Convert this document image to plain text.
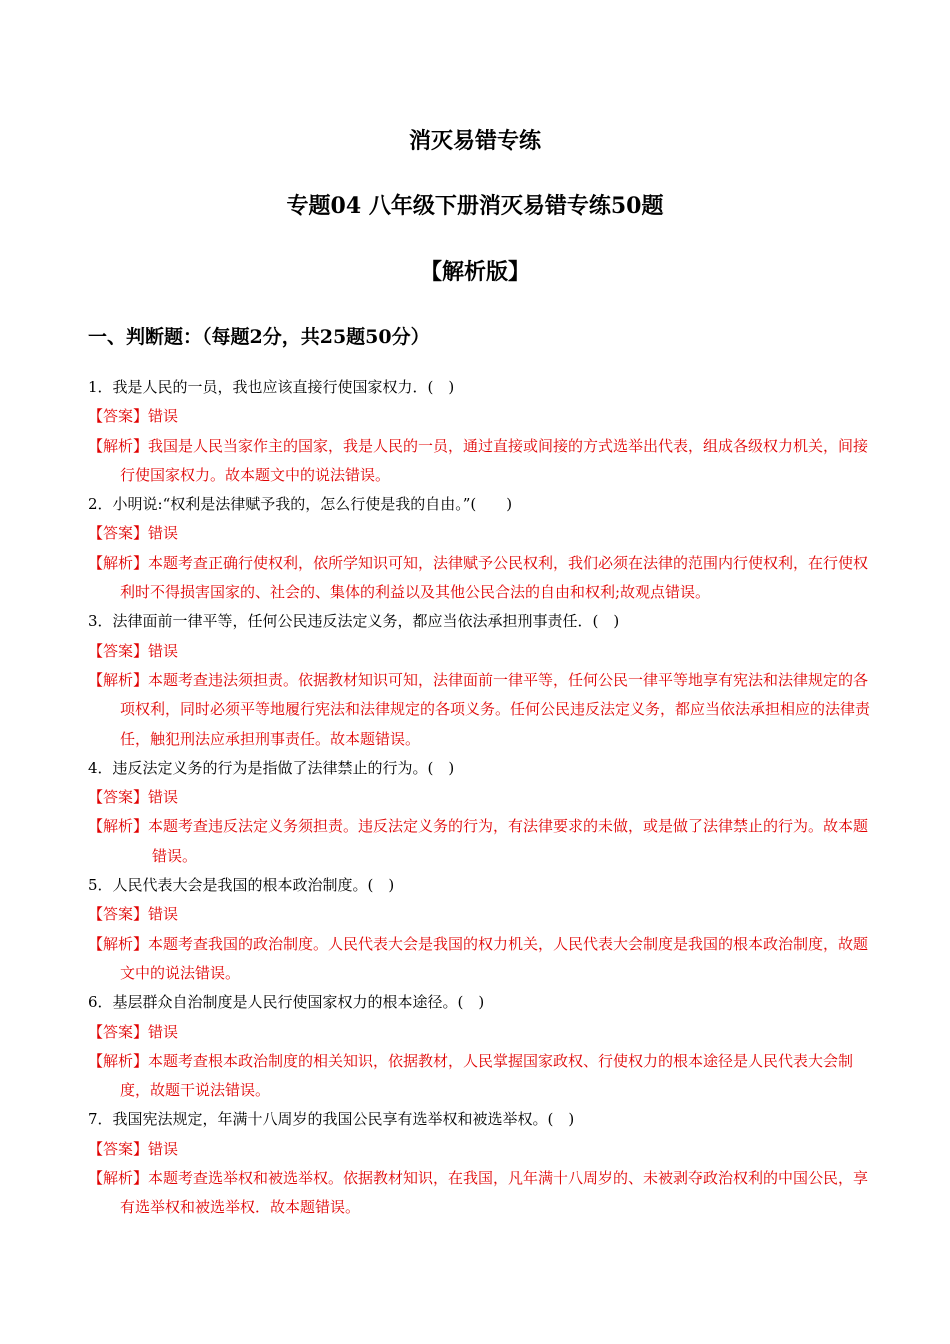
消灭易错专练
专题04 八年级下册消灭易错专练50题
【解析版】
一、判断题：（每题2分，共25题50分）

1．我是人民的一员，我也应该直接行使国家权力．(　)

【答案】错误

【解析】我国是人民当家作主的国家，我是人民的一员，通过直接或间接的方式选举出代表，组成各级权力机关，间接行使国家权力。故本题文中的说法错误。

2．小明说:“权利是法律赋予我的，怎么行使是我的自由。”(　　)

【答案】错误

【解析】本题考查正确行使权利，依所学知识可知，法律赋予公民权利，我们必须在法律的范围内行使权利，在行使权利时不得损害国家的、社会的、集体的利益以及其他公民合法的自由和权利;故观点错误。

3．法律面前一律平等，任何公民违反法定义务，都应当依法承担刑事责任．(　)

【答案】错误

【解析】本题考查违法须担责。依据教材知识可知，法律面前一律平等，任何公民一律平等地享有宪法和法律规定的各项权利，同时必须平等地履行宪法和法律规定的各项义务。任何公民违反法定义务，都应当依法承担相应的法律责任，触犯刑法应承担刑事责任。故本题错误。

4．违反法定义务的行为是指做了法律禁止的行为。(　)

【答案】错误

【解析】本题考查违反法定义务须担责。违反法定义务的行为，有法律要求的未做，或是做了法律禁止的行为。故本题错误。

5．人民代表大会是我国的根本政治制度。(　)

【答案】错误

【解析】本题考查我国的政治制度。人民代表大会是我国的权力机关，人民代表大会制度是我国的根本政治制度，故题文中的说法错误。

6．基层群众自治制度是人民行使国家权力的根本途径。(　)

【答案】错误

【解析】本题考查根本政治制度的相关知识，依据教材，人民掌握国家政权、行使权力的根本途径是人民代表大会制度，故题干说法错误。

7．我国宪法规定，年满十八周岁的我国公民享有选举权和被选举权。(　)

【答案】错误

【解析】本题考查选举权和被选举权。依据教材知识，在我国，凡年满十八周岁的、未被剥夺政治权利的中国公民，享有选举权和被选举权．故本题错误。
